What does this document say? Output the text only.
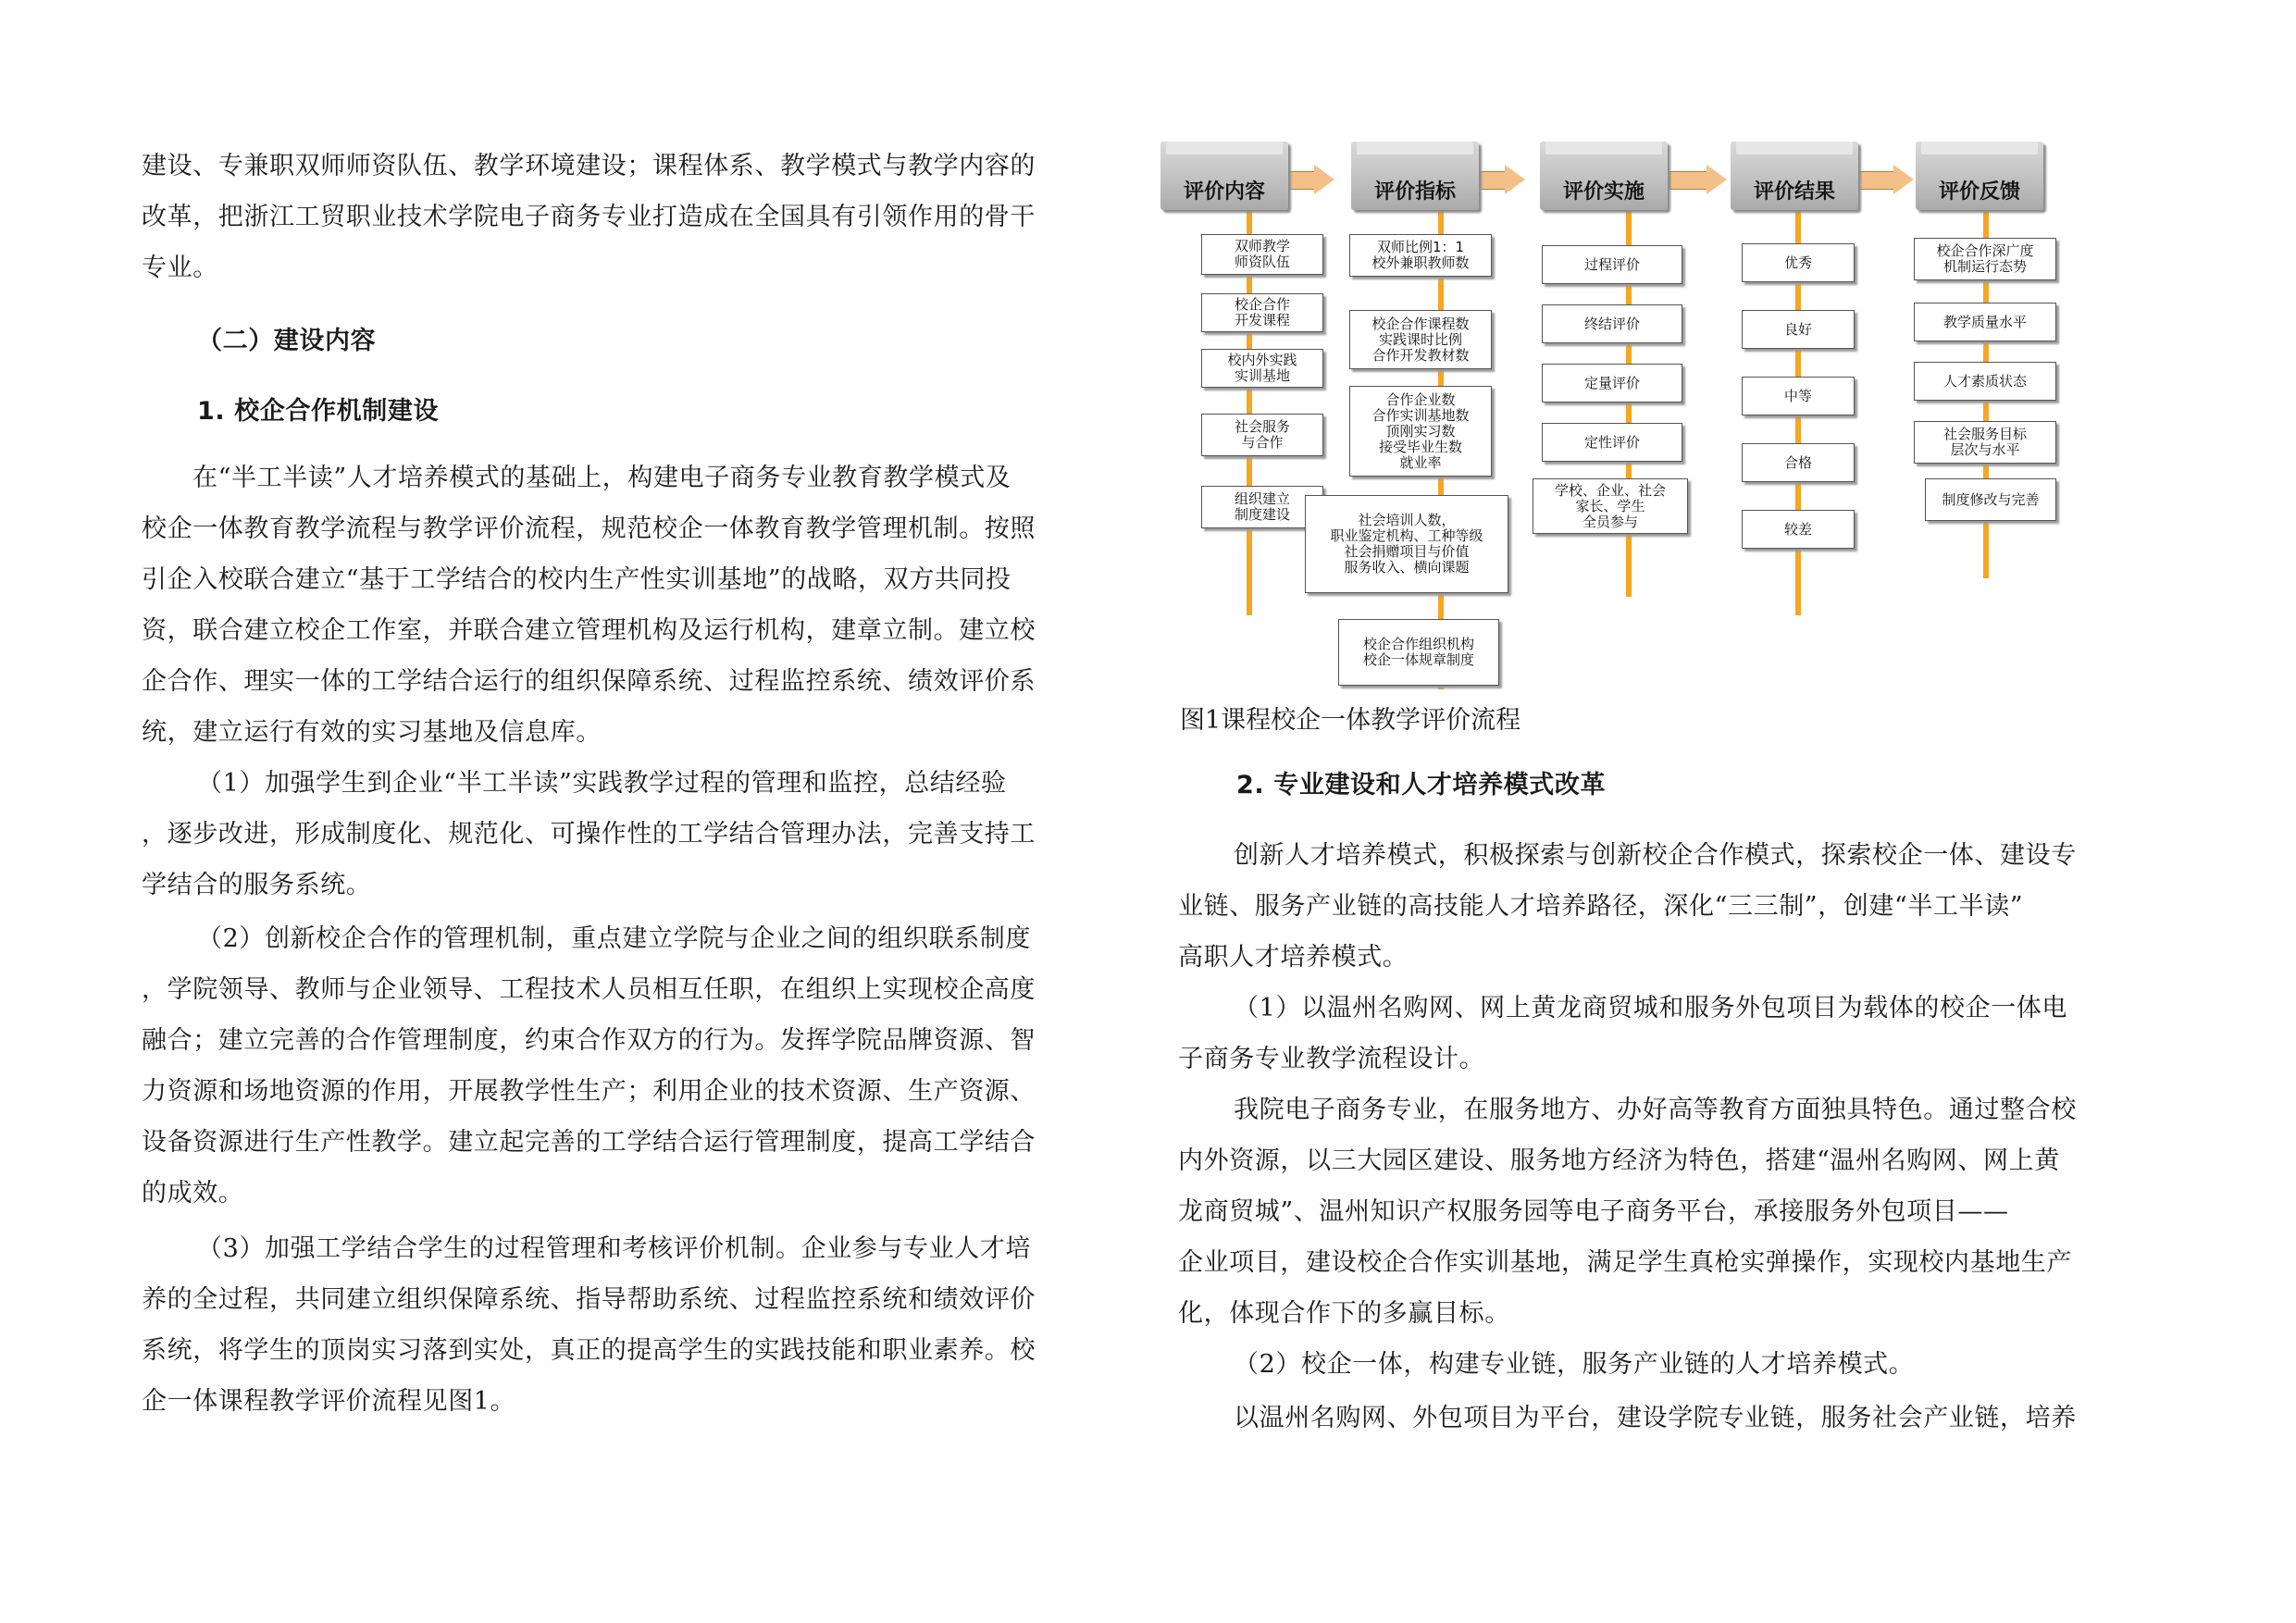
建设、专兼职双师师资队伍、教学环境建设；课程体系、教学模式与教学内容的
改革，把浙江工贸职业技术学院电子商务专业打造成在全国具有引领作用的骨干
专业。
（二）建设内容
1. 校企合作机制建设
在“半工半读”人才培养模式的基础上，构建电子商务专业教育教学模式及
校企一体教育教学流程与教学评价流程，规范校企一体教育教学管理机制。按照
引企入校联合建立“基于工学结合的校内生产性实训基地”的战略，双方共同投
资，联合建立校企工作室，并联合建立管理机构及运行机构，建章立制。建立校
企合作、理实一体的工学结合运行的组织保障系统、过程监控系统、绩效评价系
统，建立运行有效的实习基地及信息库。
（1）加强学生到企业“半工半读”实践教学过程的管理和监控，总结经验
，逐步改进，形成制度化、规范化、可操作性的工学结合管理办法，完善支持工
学结合的服务系统。
（2）创新校企合作的管理机制，重点建立学院与企业之间的组织联系制度
，学院领导、教师与企业领导、工程技术人员相互任职，在组织上实现校企高度
融合；建立完善的合作管理制度，约束合作双方的行为。发挥学院品牌资源、智
力资源和场地资源的作用，开展教学性生产；利用企业的技术资源、生产资源、
设备资源进行生产性教学。建立起完善的工学结合运行管理制度，提高工学结合
的成效。
（3）加强工学结合学生的过程管理和考核评价机制。企业参与专业人才培
养的全过程，共同建立组织保障系统、指导帮助系统、过程监控系统和绩效评价
系统，将学生的顶岗实习落到实处，真正的提高学生的实践技能和职业素养。校
企一体课程教学评价流程见图1。
评价内容	评价指标	评价实施	评价结果	评价反馈
双师教学
师资队伍
校企合作
开发课程
校内外实践
实训基地
社会服务
与合作
组织建立
制度建设
双师比例1：1
校外兼职教师数
校企合作课程数
实践课时比例
合作开发教材数
合作企业数
合作实训基地数
顶刚实习数
接受毕业生数
就业率
社会培训人数，
职业鉴定机构、工种等级
社会捐赠项目与价值
服务收入、横向课题
校企合作组织机构
校企一体规章制度
过程评价
终结评价
定量评价
定性评价
学校、企业、社会
家长、学生
全员参与
优秀
良好
中等
合格
较差
校企合作深广度
机制运行态势
教学质量水平
人才素质状态
社会服务目标
层次与水平
制度修改与完善
图1课程校企一体教学评价流程
2. 专业建设和人才培养模式改革
创新人才培养模式，积极探索与创新校企合作模式，探索校企一体、建设专
业链、服务产业链的高技能人才培养路径，深化“三三制”，创建“半工半读”
高职人才培养模式。
（1）以温州名购网、网上黄龙商贸城和服务外包项目为载体的校企一体电
子商务专业教学流程设计。
我院电子商务专业，在服务地方、办好高等教育方面独具特色。通过整合校
内外资源，以三大园区建设、服务地方经济为特色，搭建“温州名购网、网上黄
龙商贸城”、温州知识产权服务园等电子商务平台，承接服务外包项目——
企业项目，建设校企合作实训基地，满足学生真枪实弹操作，实现校内基地生产
化，体现合作下的多赢目标。
（2）校企一体，构建专业链，服务产业链的人才培养模式。
以温州名购网、外包项目为平台，建设学院专业链，服务社会产业链，培养
